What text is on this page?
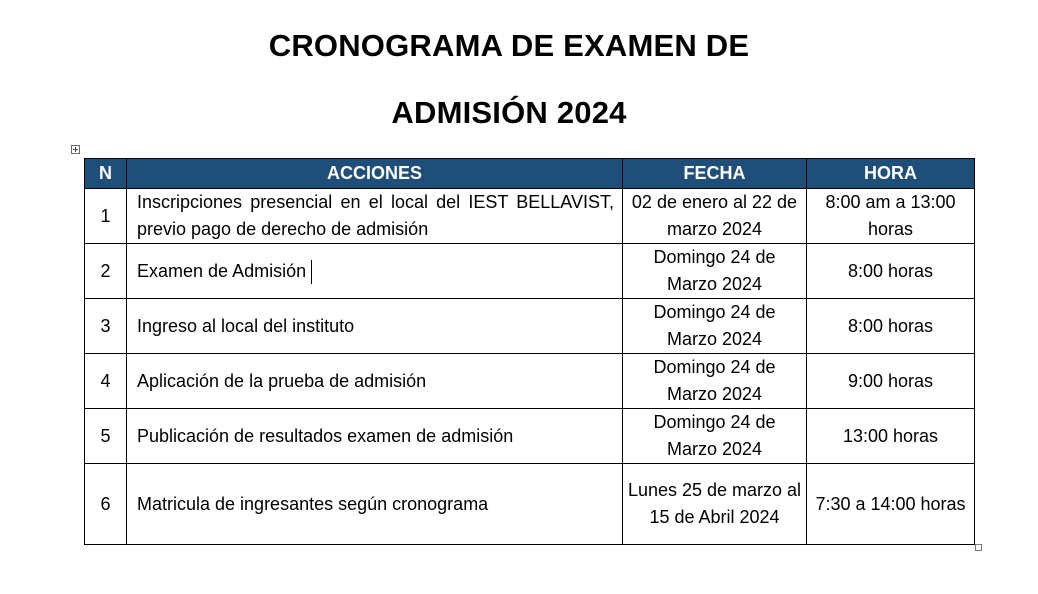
CRONOGRAMA DE EXAMEN DE
ADMISIÓN 2024
N	ACCIONES	FECHA	HORA
1	Inscripciones presencial en el local del IEST BELLAVIST, previo pago de derecho de admisión	02 de enero al 22 de marzo 2024	8:00 am a 13:00 horas
2	Examen de Admisión	Domingo 24 de Marzo 2024	8:00 horas
3	Ingreso al local del instituto	Domingo 24 de Marzo 2024	8:00 horas
4	Aplicación de la prueba de admisión	Domingo 24 de Marzo 2024	9:00 horas
5	Publicación de resultados examen de admisión	Domingo 24 de Marzo 2024	13:00 horas
6	Matricula de ingresantes según cronograma	Lunes 25 de marzo al 15 de Abril 2024	7:30 a 14:00 horas
